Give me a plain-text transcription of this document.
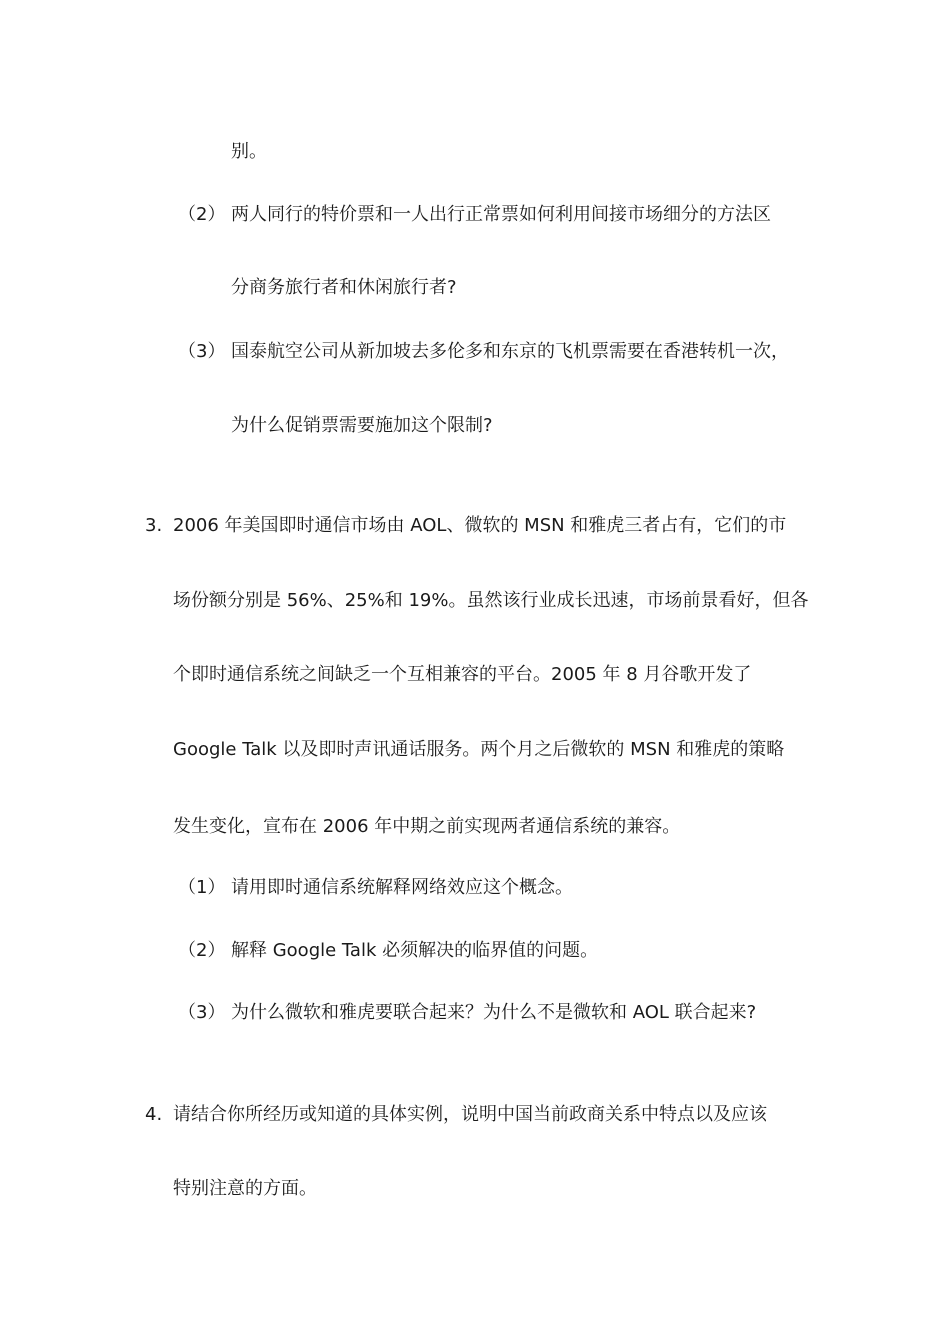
别。
（2） 两人同行的特价票和一人出行正常票如何利用间接市场细分的方法区
分商务旅行者和休闲旅行者?
（3） 国泰航空公司从新加坡去多伦多和东京的飞机票需要在香港转机一次，
为什么促销票需要施加这个限制?
3. 2006 年美国即时通信市场由 AOL、微软的 MSN 和雅虎三者占有，它们的市
场份额分别是 56%、25%和 19%。虽然该行业成长迅速，市场前景看好，但各
个即时通信系统之间缺乏一个互相兼容的平台。2005 年 8 月谷歌开发了
Google Talk 以及即时声讯通话服务。两个月之后微软的 MSN 和雅虎的策略
发生变化，宣布在 2006 年中期之前实现两者通信系统的兼容。
（1） 请用即时通信系统解释网络效应这个概念。
（2） 解释 Google Talk 必须解决的临界值的问题。
（3） 为什么微软和雅虎要联合起来？为什么不是微软和 AOL 联合起来?
4. 请结合你所经历或知道的具体实例，说明中国当前政商关系中特点以及应该
特别注意的方面。
